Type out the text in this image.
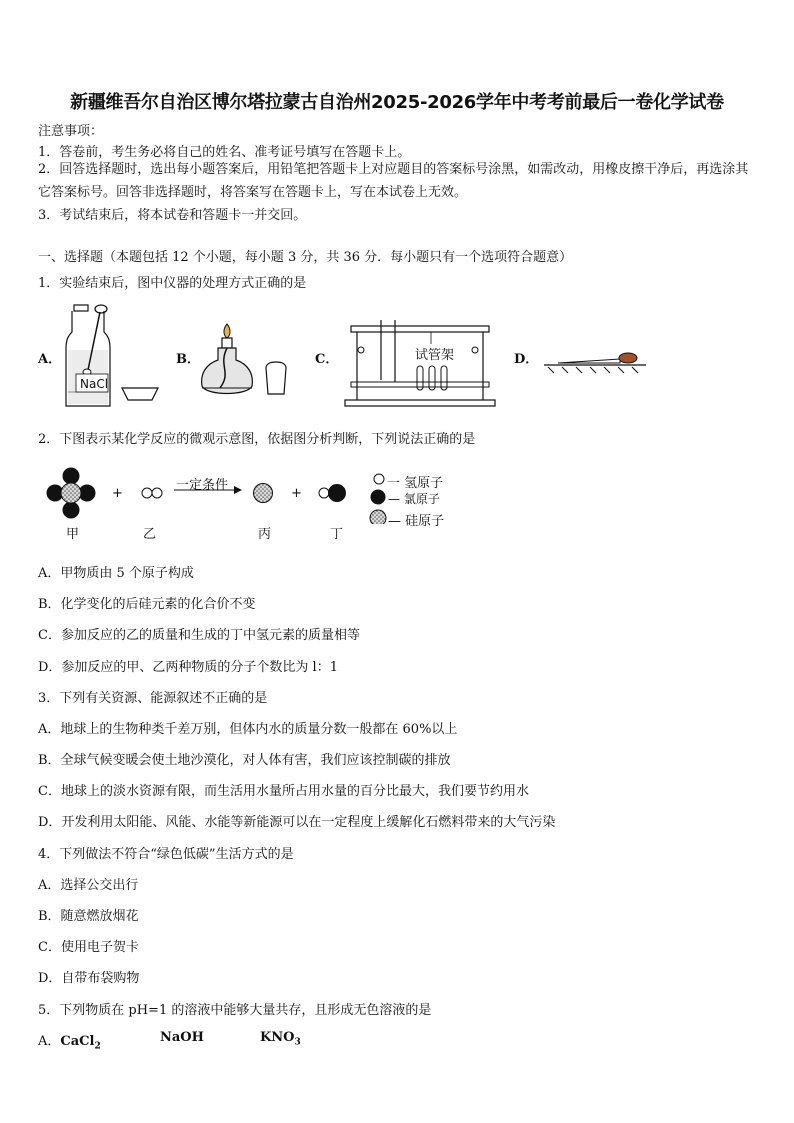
新疆维吾尔自治区博尔塔拉蒙古自治州2025-2026学年中考考前最后一卷化学试卷
注意事项：
1．答卷前，考生务必将自己的姓名、准考证号填写在答题卡上。
2．回答选择题时，选出每小题答案后，用铅笔把答题卡上对应题目的答案标号涂黑，如需改动，用橡皮擦干净后，再选涂其它答案标号。回答非选择题时，将答案写在答题卡上，写在本试卷上无效。
3．考试结束后，将本试卷和答题卡一并交回。
一、选择题（本题包括 12 个小题，每小题 3 分，共 36 分．每小题只有一个选项符合题意）
1．实验结束后，图中仪器的处理方式正确的是
A．	B．	C．	D．
NaCl
试管架
2．下图表示某化学反应的微观示意图，依据图分析判断，下列说法正确的是
+	+
一定条件
甲	乙	丙	丁
一 氢原子
— 氯原子
— 硅原子
A．甲物质由 5 个原子构成
B．化学变化的后硅元素的化合价不变
C．参加反应的乙的质量和生成的丁中氢元素的质量相等
D．参加反应的甲、乙两种物质的分子个数比为 l：1
3．下列有关资源、能源叙述不正确的是
A．地球上的生物种类千差万别，但体内水的质量分数一般都在 60%以上
B．全球气候变暖会使土地沙漠化，对人体有害，我们应该控制碳的排放
C．地球上的淡水资源有限，而生活用水量所占用水量的百分比最大，我们要节约用水
D．开发利用太阳能、风能、水能等新能源可以在一定程度上缓解化石燃料带来的大气污染
4．下列做法不符合“绿色低碳”生活方式的是
A．选择公交出行
B．随意燃放烟花
C．使用电子贺卡
D．自带布袋购物
5．下列物质在 pH=1 的溶液中能够大量共存，且形成无色溶液的是
A．CaCl$_2$
NaOH	$KNO_3$
